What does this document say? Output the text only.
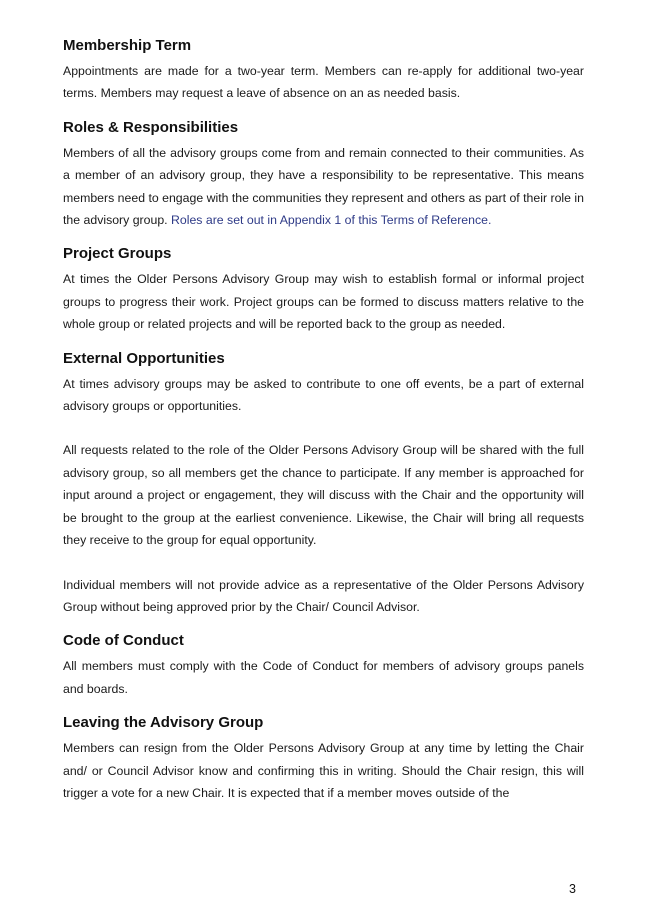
Membership Term

Appointments are made for a two-year term. Members can re-apply for additional two-year terms. Members may request a leave of absence on an as needed basis.

Roles & Responsibilities

Members of all the advisory groups come from and remain connected to their communities. As a member of an advisory group, they have a responsibility to be representative. This means members need to engage with the communities they represent and others as part of their role in the advisory group. Roles are set out in Appendix 1 of this Terms of Reference.

Project Groups

At times the Older Persons Advisory Group may wish to establish formal or informal project groups to progress their work. Project groups can be formed to discuss matters relative to the whole group or related projects and will be reported back to the group as needed.

External Opportunities

At times advisory groups may be asked to contribute to one off events, be a part of external advisory groups or opportunities.

All requests related to the role of the Older Persons Advisory Group will be shared with the full advisory group, so all members get the chance to participate. If any member is approached for input around a project or engagement, they will discuss with the Chair and the opportunity will be brought to the group at the earliest convenience. Likewise, the Chair will bring all requests they receive to the group for equal opportunity.

Individual members will not provide advice as a representative of the Older Persons Advisory Group without being approved prior by the Chair/ Council Advisor.

Code of Conduct

All members must comply with the Code of Conduct for members of advisory groups panels and boards.

Leaving the Advisory Group

Members can resign from the Older Persons Advisory Group at any time by letting the Chair and/ or Council Advisor know and confirming this in writing. Should the Chair resign, this will trigger a vote for a new Chair. It is expected that if a member moves outside of the

3
